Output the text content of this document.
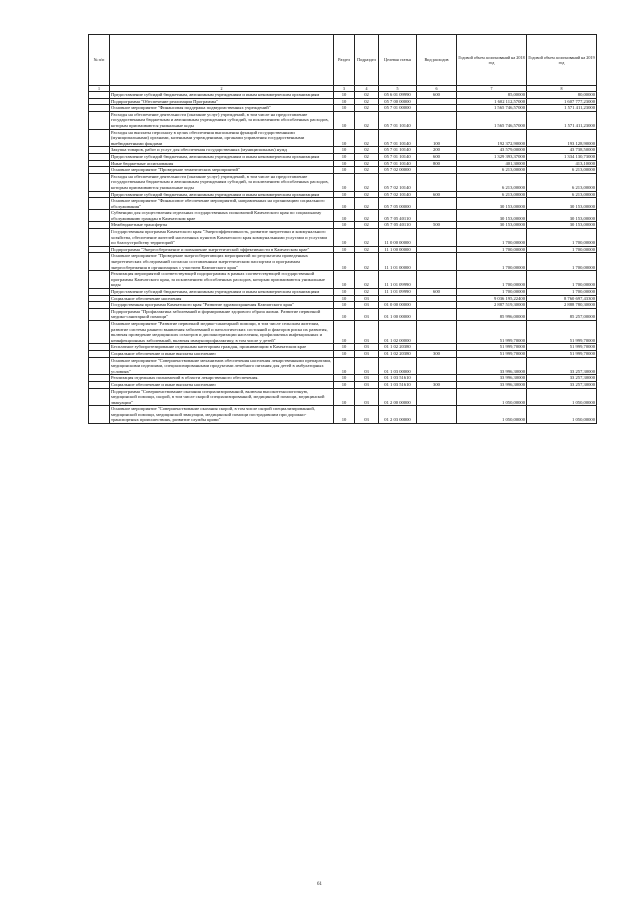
№ п/п		Раздел	Подраздел	Целевая статья	Вид расходов	Годовой объем ассигнований на 2018 год	Годовой объем ассигнований на 2019 год
1	2	3	4	5	6	7	8
	Предоставление субсидий бюджетным, автономным учреждениям и иным некоммерческим организациям	10	02	05 6 01 09990	600	85,00000	80,00000
	Подпрограмма "Обеспечение реализации Программы"	10	02	05 7 00 00000		1 602 112,57000	1 607 777,23000
	Основное мероприятие "Финансовая поддержка подведомственных учреждений"	10	02	05 7 01 00000		1 565 746,57000	1 571 411,23000
	Расходы на обеспечение деятельности (оказание услуг) учреждений, в том числе на предоставление государственным бюджетным и автономным учреждениям субсидий, за исключением обособленных расходов, которым присваиваются уникальные коды	10	02	05 7 01 10140		1 565 746,57000	1 571 411,23000
	Расходы на выплаты персоналу в целях обеспечения выполнения функций государственными (муниципальными) органами, казенными учреждениями, органами управления государственными внебюджетными фондами	10	02	05 7 01 10140	100	192 372,90000	193 128,90000
	Закупка товаров, работ и услуг для обеспечения государственных (муниципальных) нужд	10	02	05 7 01 10140	200	43 579,00000	43 738,50000
	Предоставление субсидий бюджетным, автономным учреждениям и иным некоммерческим организациям	10	02	05 7 01 10140	600	1 329 393,37000	1 334 130,73000
	Иные бюджетные ассигнования	10	02	05 7 01 10140	800	401,30000	413,10000
	Основное мероприятие "Проведение тематических мероприятий"	10	02	05 7 02 00000		6 213,00000	6 213,00000
	Расходы на обеспечение деятельности (оказание услуг) учреждений, в том числе на предоставление государственным бюджетным и автономным учреждениям субсидий, за исключением обособленных расходов, которым присваиваются уникальные коды	10	02	05 7 02 10140		6 213,00000	6 213,00000
	Предоставление субсидий бюджетным, автономным учреждениям и иным некоммерческим организациям	10	02	05 7 02 10140	600	6 213,00000	6 213,00000
	Основное мероприятие "Финансовое обеспечение мероприятий, направленных на организацию социального обслуживания"	10	02	05 7 05 00000		30 153,00000	30 153,00000
	Субвенции для осуществления отдельных государственных полномочий Камчатского края по социальному обслуживанию граждан в Камчатском крае	10	02	05 7 05 40110		30 153,00000	30 153,00000
	Межбюджетные трансферты	10	02	05 7 05 40110	500	30 153,00000	30 153,00000
	Государственная программа Камчатского края "Энергоэффективность, развитие энергетики и коммунального хозяйства, обеспечение жителей населенных пунктов Камчатского края коммунальными услугами и услугами по благоустройству территорий"	10	02	11 0 00 00000		1 700,00000	1 700,00000
	Подпрограмма "Энергосбережение и повышение энергетической эффективности в Камчатском крае"	10	02	11 1 00 00000		1 700,00000	1 700,00000
	Основное мероприятие "Проведение энергосберегающих мероприятий по результатам проведенных энергетических обследований согласно составленным энергетическим паспортам и программам энергосбережения в организациях с участием Камчатского края"	10	02	11 1 01 00000		1 700,00000	1 700,00000
	Реализация мероприятий соответствующей подпрограммы в рамках соответствующей государственной программы Камчатского края, за исключением обособленных расходов, которым присваиваются уникальные коды	10	02	11 1 01 09990		1 700,00000	1 700,00000
	Предоставление субсидий бюджетным, автономным учреждениям и иным некоммерческим организациям	10	02	11 1 01 09990	600	1 700,00000	1 700,00000
	Социальное обеспечение населения	10	03			9 036 195,22400	8 760 697,43300
	Государственная программа Камчатского края "Развитие здравоохранения Камчатского края"	10	03	01 0 00 00000		2 887 519,30000	2 888 780,30000
	Подпрограмма "Профилактика заболеваний и формирование здорового образа жизни. Развитие первичной медико-санитарной помощи"	10	03	01 1 00 00000		85 996,00000	85 257,00000
	Основное мероприятие "Развитие первичной медико-санитарной помощи, в том числе сельским жителям, развитие системы раннего выявления заболеваний и патологических состояний и факторов риска их развития, включая проведение медицинских осмотров и диспансеризации населения, профилактика инфекционных и неинфекционных заболеваний, включая иммунопрофилактику, в том числе у детей"	10	03	01 1 02 00000		51 999,70000	51 999,70000
	Бесплатное зубопротезирование отдельным категориям граждан, проживающим в Камчатском крае	10	03	01 1 02 20380		51 999,70000	51 999,70000
	Социальное обеспечение и иные выплаты населению	10	03	01 1 02 20380	300	51 999,70000	51 999,70000
	Основное мероприятие "Совершенствование механизмов обеспечения населения лекарственными препаратами, медицинскими изделиями, специализированными продуктами лечебного питания для детей в амбулаторных условиях"	10	03	01 1 03 00000		33 996,30000	33 257,30000
	Реализация отдельных полномочий в области лекарственного обеспечения.	10	03	01 1 03 51610		33 996,30000	33 257,30000
	Социальное обеспечение и иные выплаты населению	10	03	01 1 03 51610	300	33 996,30000	33 257,30000
	Подпрограмма "Совершенствование оказания специализированной, включая высокотехнологичную, медицинской помощи, скорой, в том числе скорой специализированной, медицинской помощи, медицинской эвакуации"	10	03	01 2 00 00000		1 050,00000	1 050,00000
	Основное мероприятие "Совершенствование оказания скорой, в том числе скорой специализированной, медицинской помощи, медицинской эвакуации, медицинской помощи пострадавшим при дорожно-транспортных происшествиях, развитие службы крови"	10	03	01 2 03 00000		1 050,00000	1 050,00000
61
